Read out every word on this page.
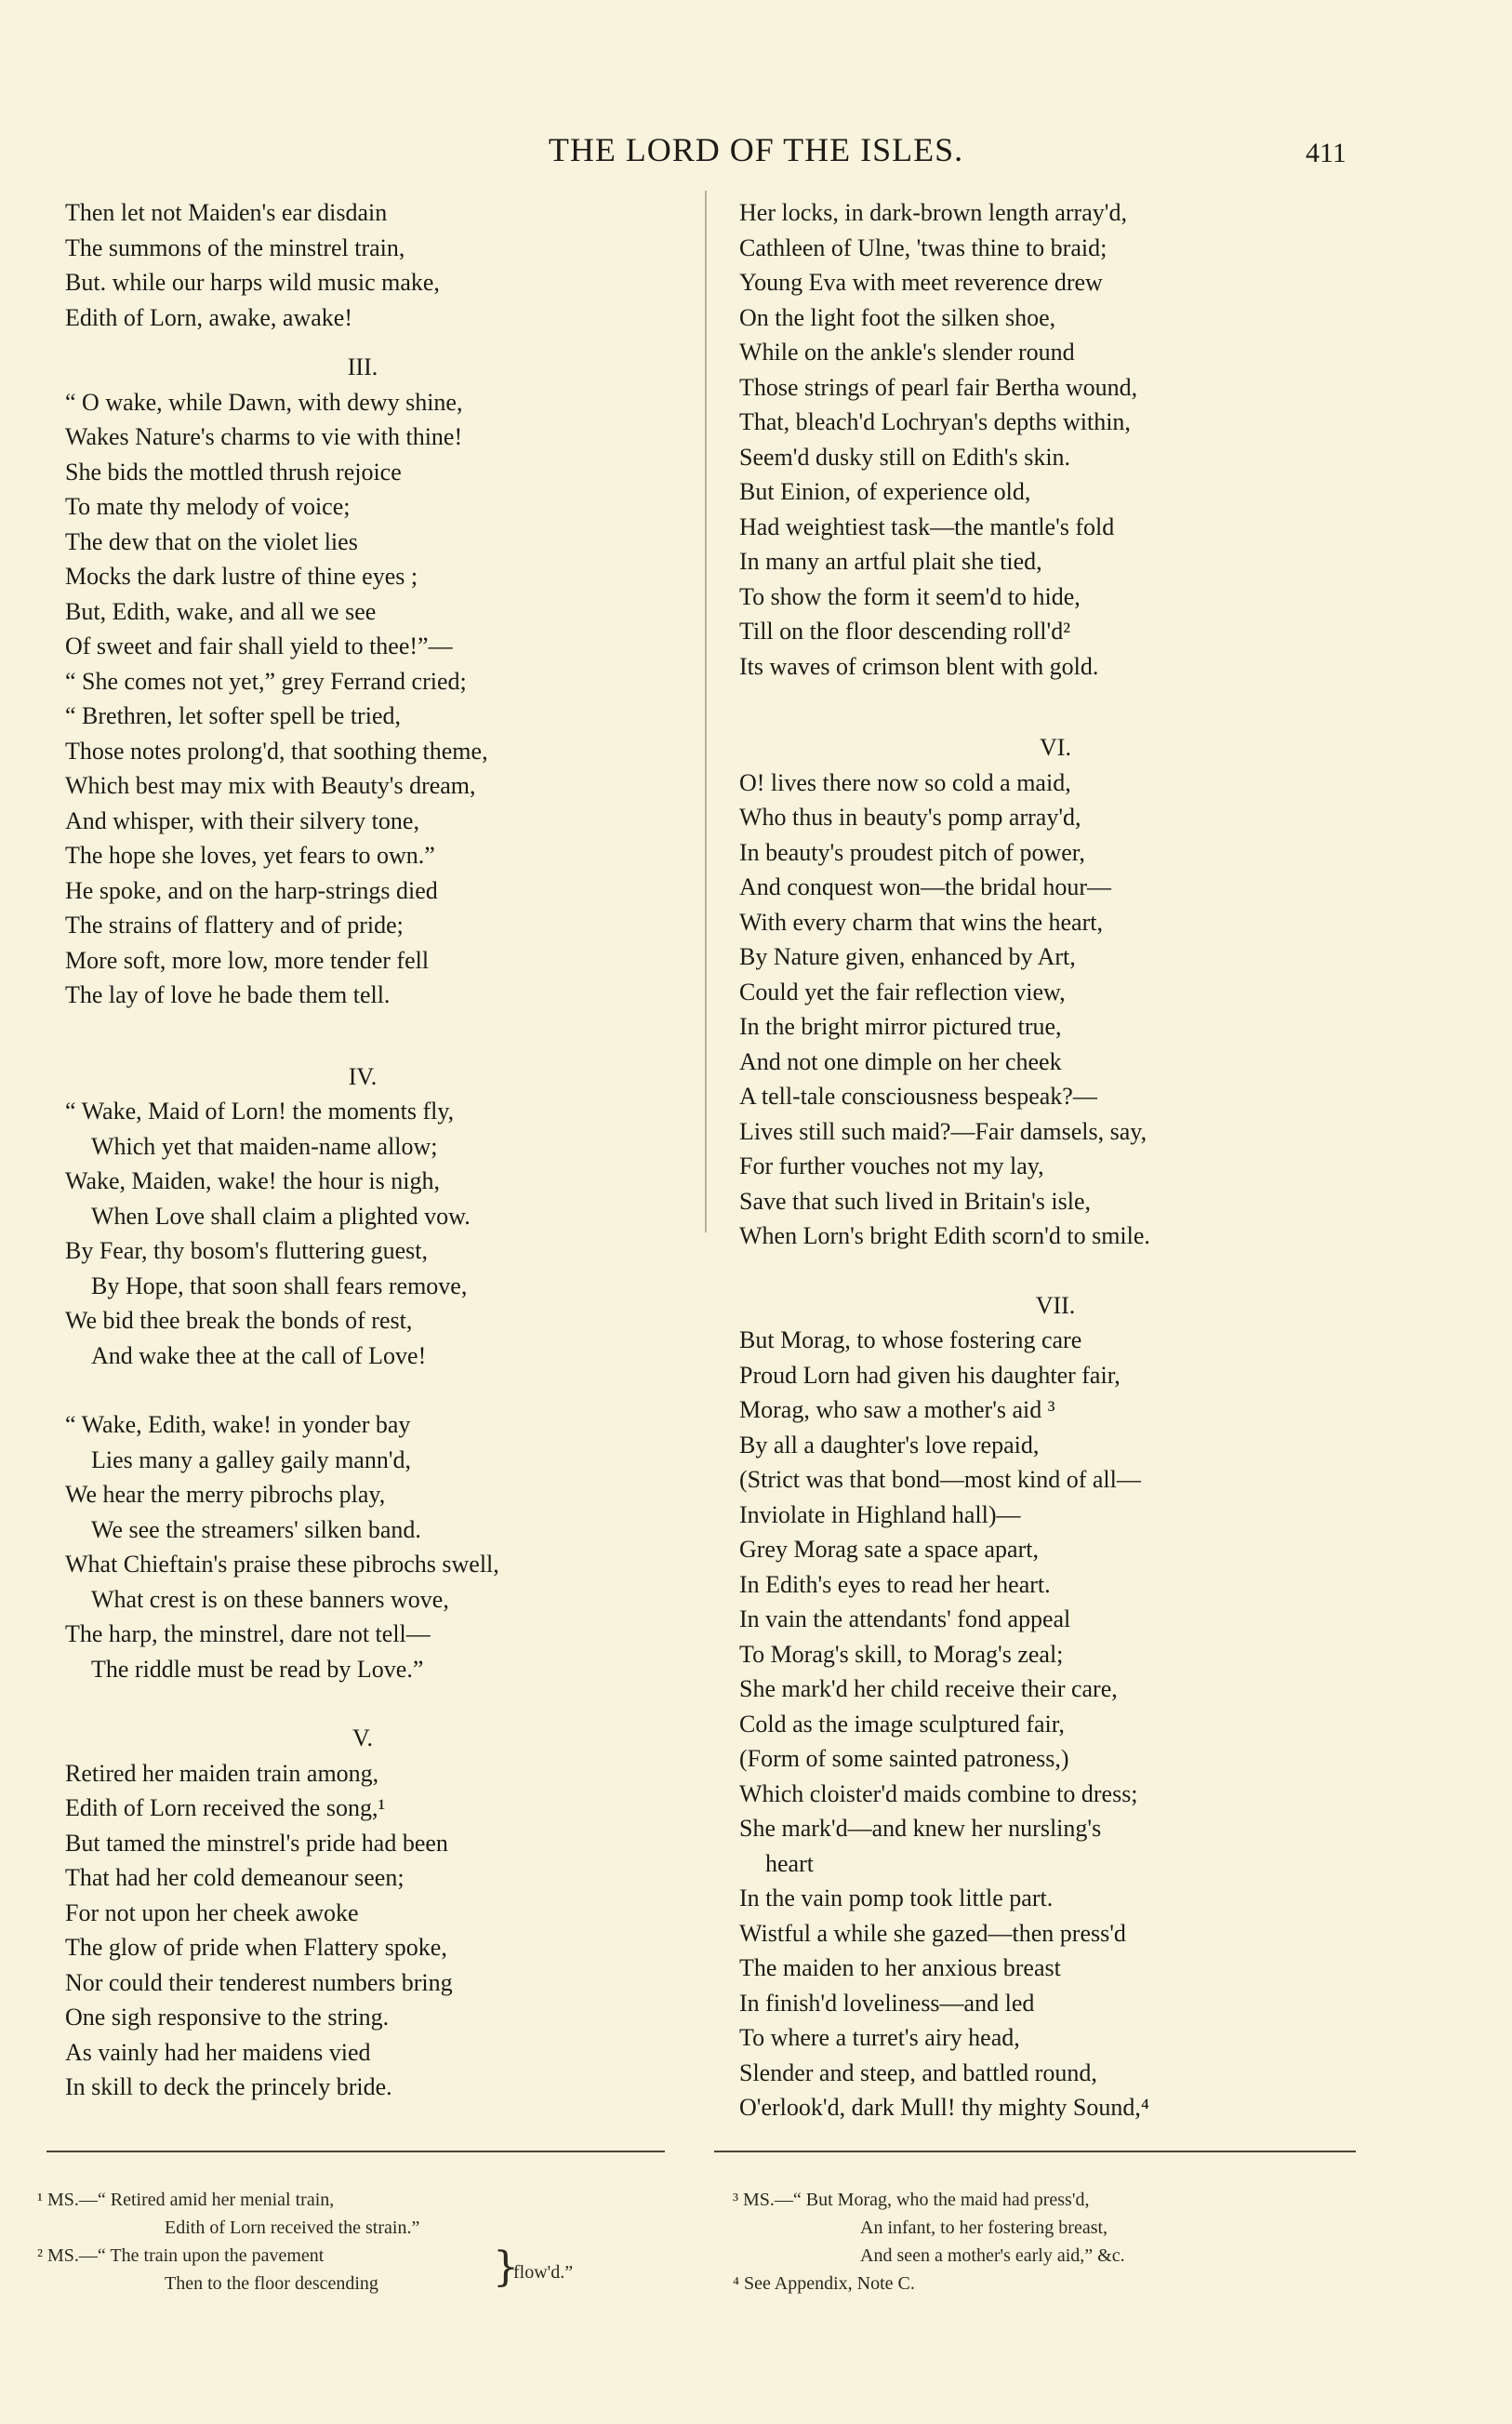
THE LORD OF THE ISLES.	411
Then let not Maiden's ear disdain
The summons of the minstrel train,
But. while our harps wild music make,
Edith of Lorn, awake, awake!
III.
“ O wake, while Dawn, with dewy shine,
Wakes Nature's charms to vie with thine!
She bids the mottled thrush rejoice
To mate thy melody of voice;
The dew that on the violet lies
Mocks the dark lustre of thine eyes ;
But, Edith, wake, and all we see
Of sweet and fair shall yield to thee!”—
“ She comes not yet,” grey Ferrand cried;
“ Brethren, let softer spell be tried,
Those notes prolong'd, that soothing theme,
Which best may mix with Beauty's dream,
And whisper, with their silvery tone,
The hope she loves, yet fears to own.”
He spoke, and on the harp-strings died
The strains of flattery and of pride;
More soft, more low, more tender fell
The lay of love he bade them tell.
IV.
“ Wake, Maid of Lorn! the moments fly,
Which yet that maiden-name allow;
Wake, Maiden, wake! the hour is nigh,
When Love shall claim a plighted vow.
By Fear, thy bosom's fluttering guest,
By Hope, that soon shall fears remove,
We bid thee break the bonds of rest,
And wake thee at the call of Love!
“ Wake, Edith, wake! in yonder bay
Lies many a galley gaily mann'd,
We hear the merry pibrochs play,
We see the streamers' silken band.
What Chieftain's praise these pibrochs swell,
What crest is on these banners wove,
The harp, the minstrel, dare not tell—
The riddle must be read by Love.”
V.
Retired her maiden train among,
Edith of Lorn received the song,¹
But tamed the minstrel's pride had been
That had her cold demeanour seen;
For not upon her cheek awoke
The glow of pride when Flattery spoke,
Nor could their tenderest numbers bring
One sigh responsive to the string.
As vainly had her maidens vied
In skill to deck the princely bride.
Her locks, in dark-brown length array'd,
Cathleen of Ulne, 'twas thine to braid;
Young Eva with meet reverence drew
On the light foot the silken shoe,
While on the ankle's slender round
Those strings of pearl fair Bertha wound,
That, bleach'd Lochryan's depths within,
Seem'd dusky still on Edith's skin.
But Einion, of experience old,
Had weightiest task—the mantle's fold
In many an artful plait she tied,
To show the form it seem'd to hide,
Till on the floor descending roll'd²
Its waves of crimson blent with gold.
VI.
O! lives there now so cold a maid,
Who thus in beauty's pomp array'd,
In beauty's proudest pitch of power,
And conquest won—the bridal hour—
With every charm that wins the heart,
By Nature given, enhanced by Art,
Could yet the fair reflection view,
In the bright mirror pictured true,
And not one dimple on her cheek
A tell-tale consciousness bespeak?—
Lives still such maid?—Fair damsels, say,
For further vouches not my lay,
Save that such lived in Britain's isle,
When Lorn's bright Edith scorn'd to smile.
VII.
But Morag, to whose fostering care
Proud Lorn had given his daughter fair,
Morag, who saw a mother's aid ³
By all a daughter's love repaid,
(Strict was that bond—most kind of all—
Inviolate in Highland hall)—
Grey Morag sate a space apart,
In Edith's eyes to read her heart.
In vain the attendants' fond appeal
To Morag's skill, to Morag's zeal;
She mark'd her child receive their care,
Cold as the image sculptured fair,
(Form of some sainted patroness,)
Which cloister'd maids combine to dress;
She mark'd—and knew her nursling's
heart
In the vain pomp took little part.
Wistful a while she gazed—then press'd
The maiden to her anxious breast
In finish'd loveliness—and led
To where a turret's airy head,
Slender and steep, and battled round,
O'erlook'd, dark Mull! thy mighty Sound,⁴
¹ MS.—“ Retired amid her menial train,
Edith of Lorn received the strain.”
² MS.—“ The train upon the pavement
Then to the floor descending	}
flow'd.”
³ MS.—“ But Morag, who the maid had press'd,
An infant, to her fostering breast,
And seen a mother's early aid,” &c.
⁴ See Appendix, Note C.
